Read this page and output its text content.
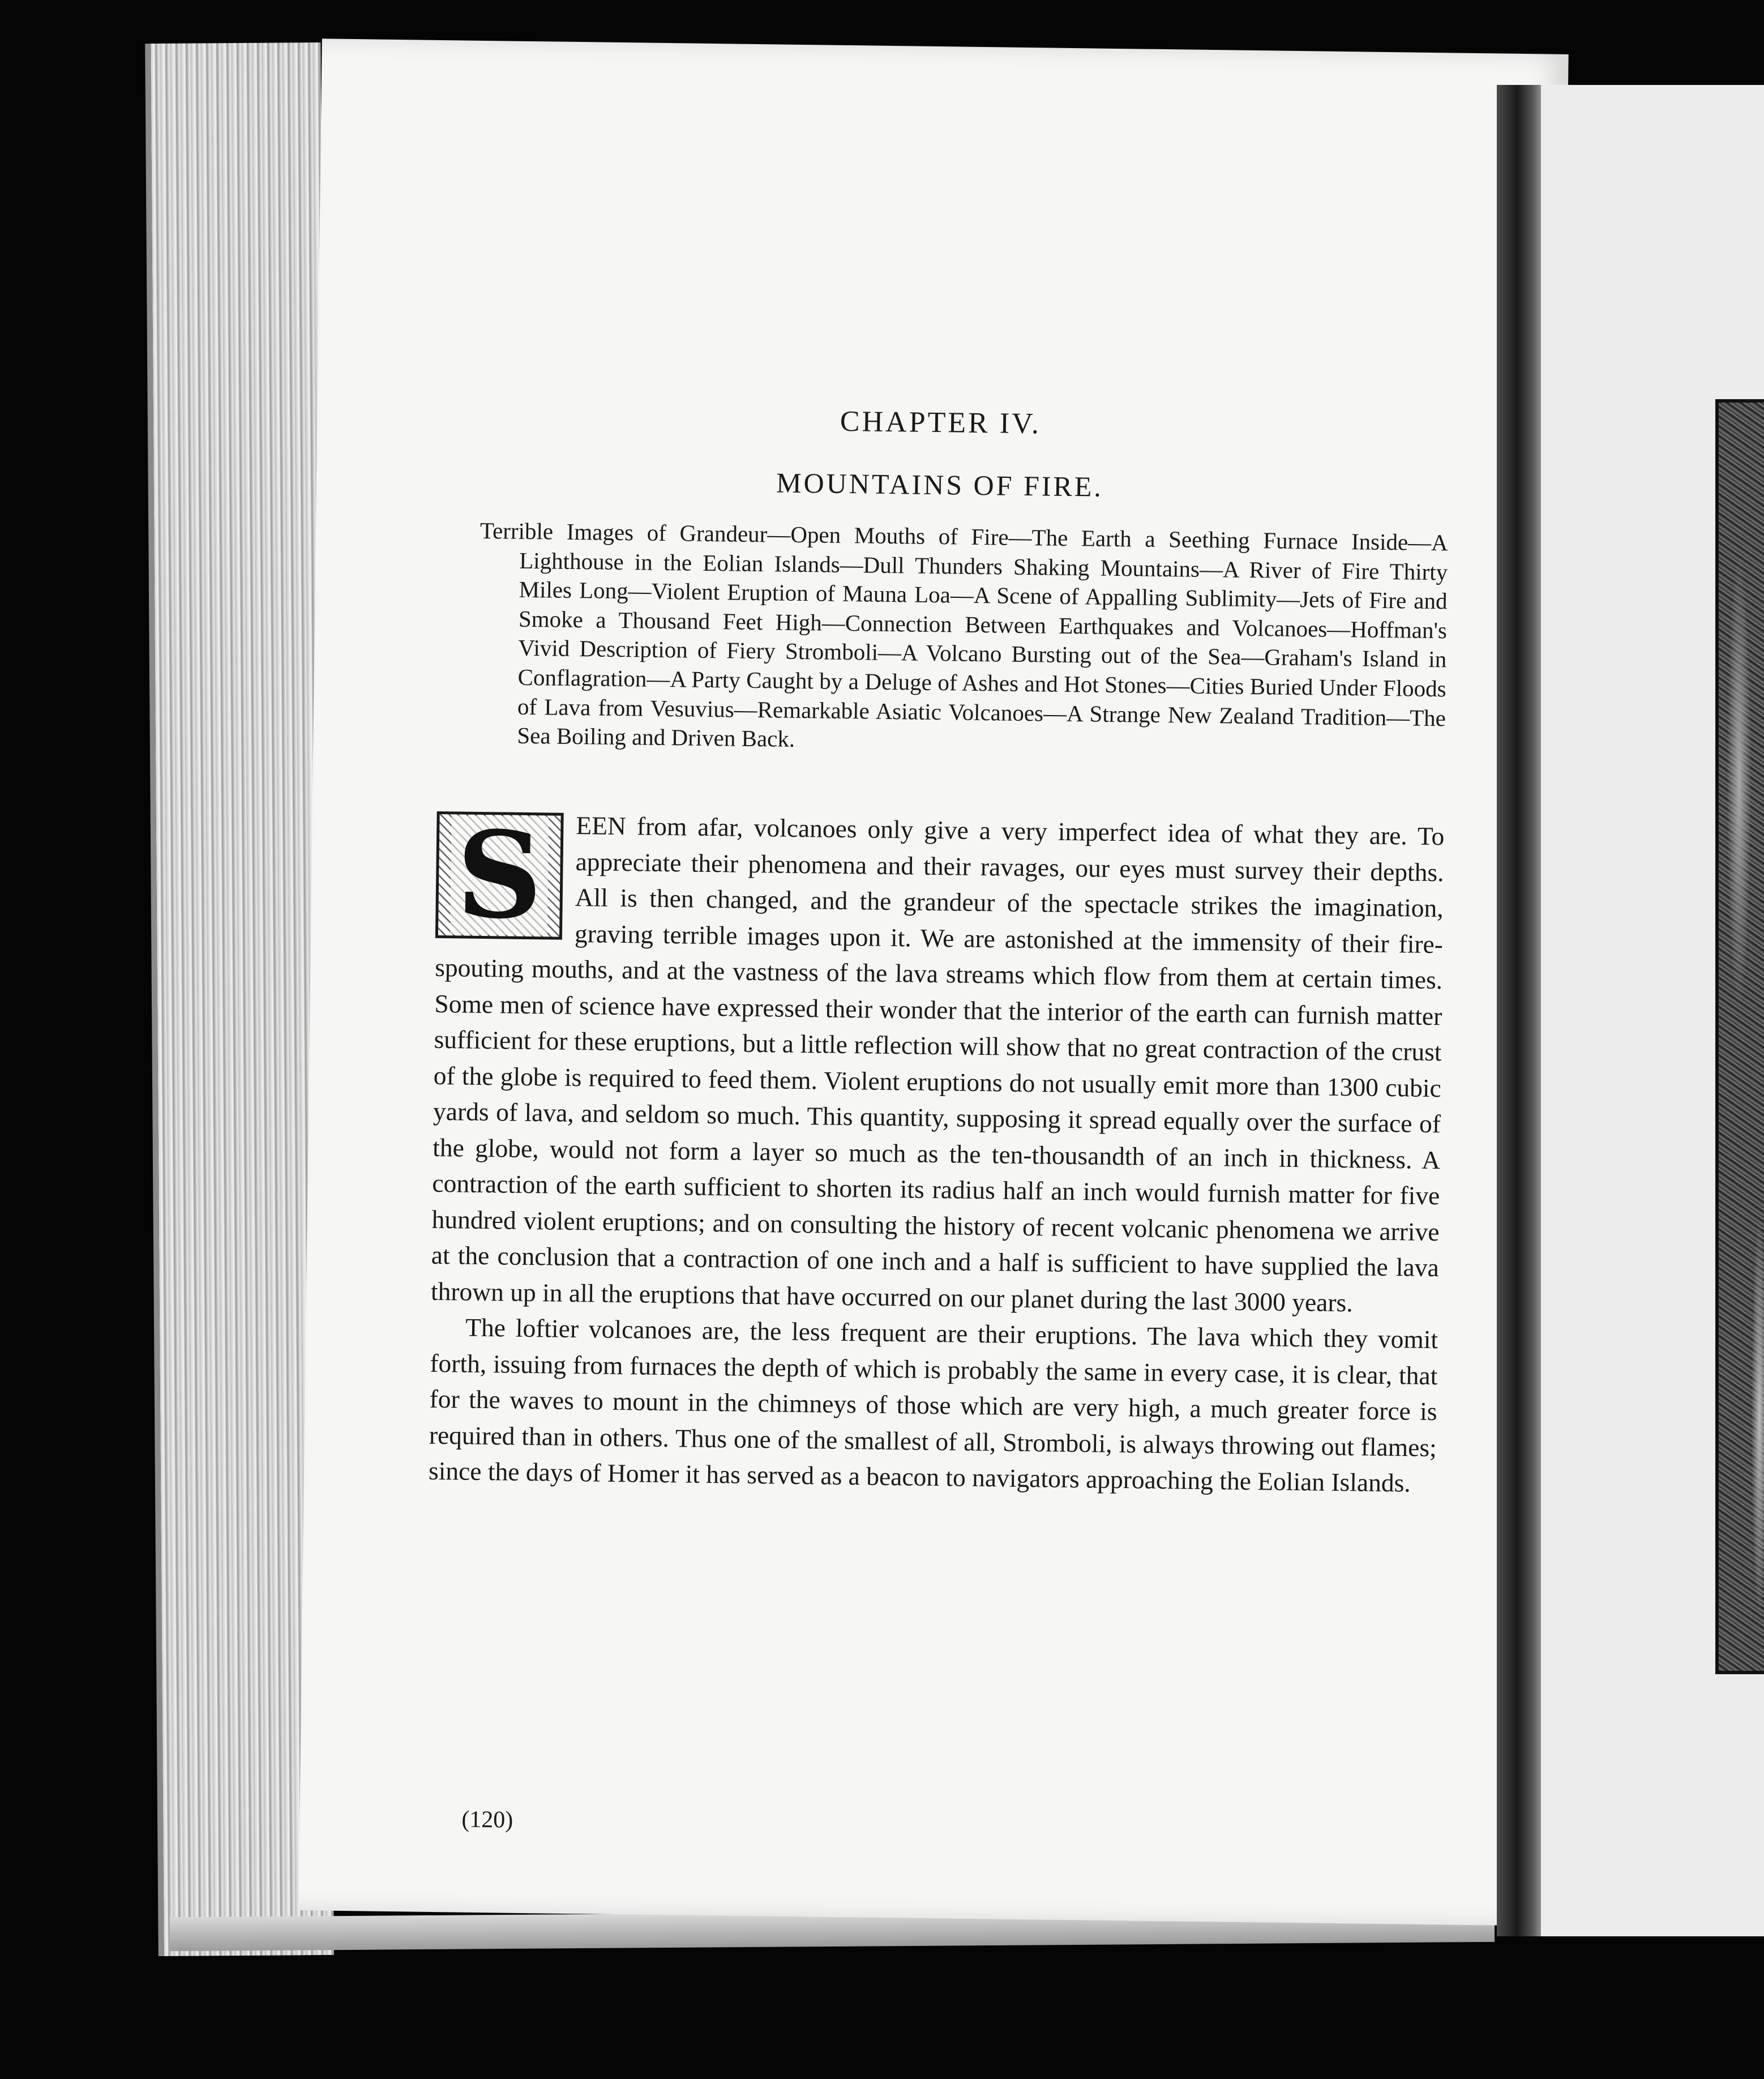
CHAPTER IV.
MOUNTAINS OF FIRE.
Terrible Images of Grandeur—Open Mouths of Fire—The Earth a Seething Furnace Inside—A Lighthouse in the Eolian Islands—Dull Thunders Shaking Mountains—A River of Fire Thirty Miles Long—Violent Eruption of Mauna Loa—A Scene of Appalling Sublimity—Jets of Fire and Smoke a Thousand Feet High—Connection Between Earthquakes and Volcanoes—Hoffman's Vivid Description of Fiery Stromboli—A Volcano Bursting out of the Sea—Graham's Island in Conflagration—A Party Caught by a Deluge of Ashes and Hot Stones—Cities Buried Under Floods of Lava from Vesuvius—Remarkable Asiatic Volcanoes—A Strange New Zealand Tradition—The Sea Boiling and Driven Back.

S EEN from afar, volcanoes only give a very imperfect idea of what they are. To appreciate their phenomena and their ravages, our eyes must survey their depths. All is then changed, and the grandeur of the spectacle strikes the imagination, graving terrible images upon it. We are astonished at the immensity of their fire-spouting mouths, and at the vastness of the lava streams which flow from them at certain times. Some men of science have expressed their wonder that the interior of the earth can furnish matter sufficient for these eruptions, but a little reflection will show that no great contraction of the crust of the globe is required to feed them. Violent eruptions do not usually emit more than 1300 cubic yards of lava, and seldom so much. This quantity, supposing it spread equally over the surface of the globe, would not form a layer so much as the ten-thousandth of an inch in thickness. A contraction of the earth sufficient to shorten its radius half an inch would furnish matter for five hundred violent eruptions; and on consulting the history of recent volcanic phenomena we arrive at the conclusion that a contraction of one inch and a half is sufficient to have supplied the lava thrown up in all the eruptions that have occurred on our planet during the last 3000 years.

The loftier volcanoes are, the less frequent are their eruptions. The lava which they vomit forth, issuing from furnaces the depth of which is probably the same in every case, it is clear, that for the waves to mount in the chimneys of those which are very high, a much greater force is required than in others. Thus one of the smallest of all, Stromboli, is always throwing out flames; since the days of Homer it has served as a beacon to navigators approaching the Eolian Islands.

(120)
